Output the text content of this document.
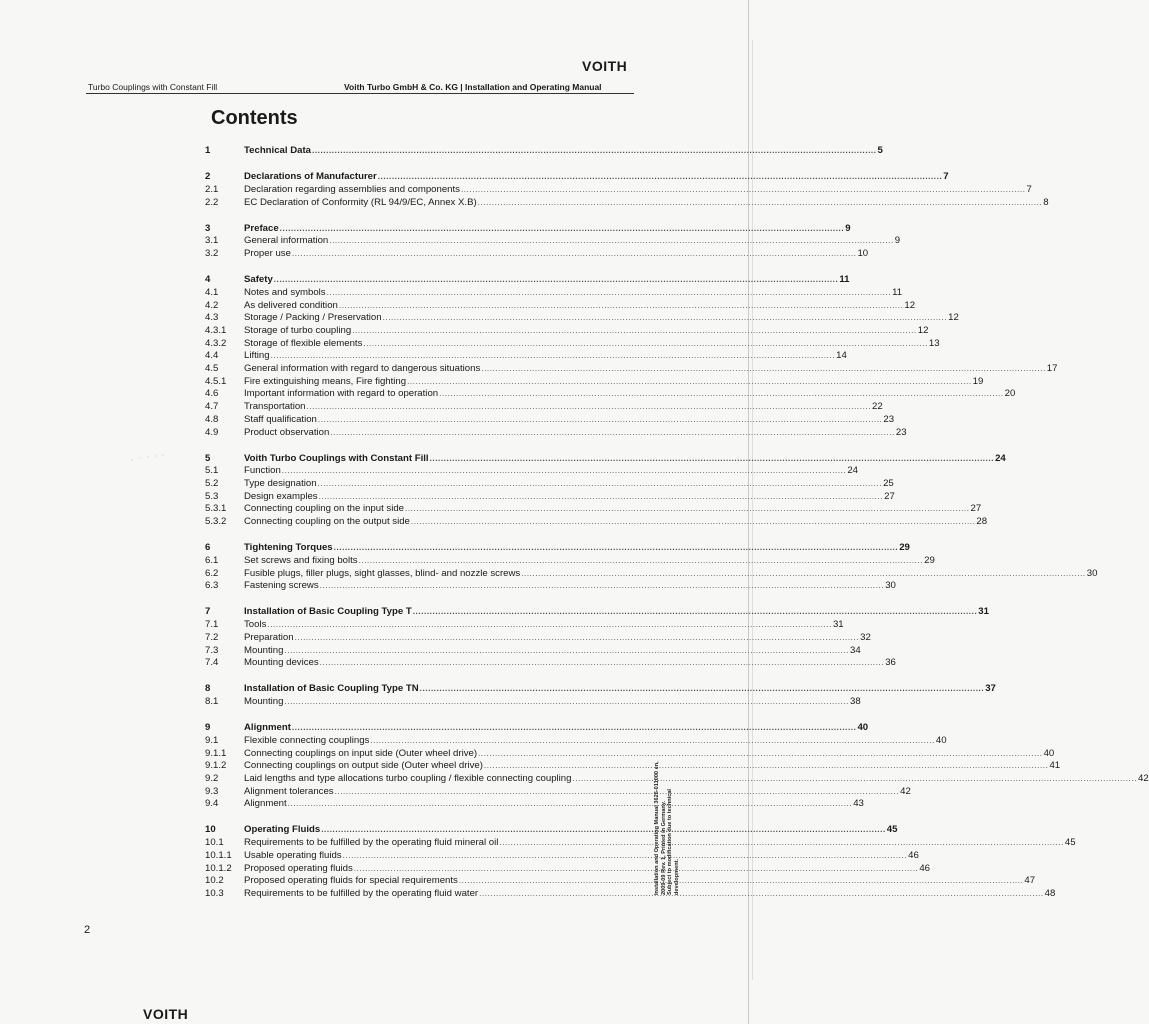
VOITH
Turbo Couplings with Constant Fill	Voith Turbo GmbH & Co. KG | Installation and Operating Manual
Contents
1	Technical Data ........................................................................................................................................................................................................ 5
2	Declarations of Manufacturer ........................................................................................................................................................................................................ 7
2.1	Declaration regarding assemblies and components ........................................................................................................................................................................................................ 7
2.2	EC Declaration of Conformity (RL 94/9/EC, Annex X.B) ........................................................................................................................................................................................................ 8
3	Preface ........................................................................................................................................................................................................ 9
3.1	General information ........................................................................................................................................................................................................ 9
3.2	Proper use ........................................................................................................................................................................................................ 10
4	Safety ........................................................................................................................................................................................................ 11
4.1	Notes and symbols ........................................................................................................................................................................................................ 11
4.2	As delivered condition ........................................................................................................................................................................................................ 12
4.3	Storage / Packing / Preservation ........................................................................................................................................................................................................ 12
4.3.1	Storage of turbo coupling ........................................................................................................................................................................................................ 12
4.3.2	Storage of flexible elements ........................................................................................................................................................................................................ 13
4.4	Lifting ........................................................................................................................................................................................................ 14
4.5	General information with regard to dangerous situations ........................................................................................................................................................................................................ 17
4.5.1	Fire extinguishing means, Fire fighting ........................................................................................................................................................................................................ 19
4.6	Important information with regard to operation ........................................................................................................................................................................................................ 20
4.7	Transportation ........................................................................................................................................................................................................ 22
4.8	Staff qualification ........................................................................................................................................................................................................ 23
4.9	Product observation ........................................................................................................................................................................................................ 23
5	Voith Turbo Couplings with Constant Fill ........................................................................................................................................................................................................ 24
5.1	Function ........................................................................................................................................................................................................ 24
5.2	Type designation ........................................................................................................................................................................................................ 25
5.3	Design examples ........................................................................................................................................................................................................ 27
5.3.1	Connecting coupling on the input side ........................................................................................................................................................................................................ 27
5.3.2	Connecting coupling on the output side ........................................................................................................................................................................................................ 28
6	Tightening Torques ........................................................................................................................................................................................................ 29
6.1	Set screws and fixing bolts ........................................................................................................................................................................................................ 29
6.2	Fusible plugs, filler plugs, sight glasses, blind- and nozzle screws ........................................................................................................................................................................................................ 30
6.3	Fastening screws ........................................................................................................................................................................................................ 30
7	Installation of Basic Coupling Type T ........................................................................................................................................................................................................ 31
7.1	Tools ........................................................................................................................................................................................................ 31
7.2	Preparation ........................................................................................................................................................................................................ 32
7.3	Mounting ........................................................................................................................................................................................................ 34
7.4	Mounting devices ........................................................................................................................................................................................................ 36
8	Installation of Basic Coupling Type TN ........................................................................................................................................................................................................ 37
8.1	Mounting ........................................................................................................................................................................................................ 38
9	Alignment ........................................................................................................................................................................................................ 40
9.1	Flexible connecting couplings ........................................................................................................................................................................................................ 40
9.1.1	Connecting couplings on input side (Outer wheel drive) ........................................................................................................................................................................................................ 40
9.1.2	Connecting couplings on output side (Outer wheel drive) ........................................................................................................................................................................................................ 41
9.2	Laid lengths and type allocations turbo coupling / flexible connecting coupling ........................................................................................................................................................................................................ 42
9.3	Alignment tolerances ........................................................................................................................................................................................................ 42
9.4	Alignment ........................................................................................................................................................................................................ 43
10	Operating Fluids ........................................................................................................................................................................................................ 45
10.1	Requirements to be fulfilled by the operating fluid mineral oil ........................................................................................................................................................................................................ 45
10.1.1	Usable operating fluids ........................................................................................................................................................................................................ 46
10.1.2	Proposed operating fluids ........................................................................................................................................................................................................ 46
10.2	Proposed operating fluids for special requirements ........................................................................................................................................................................................................ 47
10.3	Requirements to be fulfilled by the operating fluid water ........................................................................................................................................................................................................ 48
Installation and Operating Manual 3626-011000 en, 2009-09 Rev. 1, Printed in Germany. Subject to modification due to technical development.
2
VOITH
